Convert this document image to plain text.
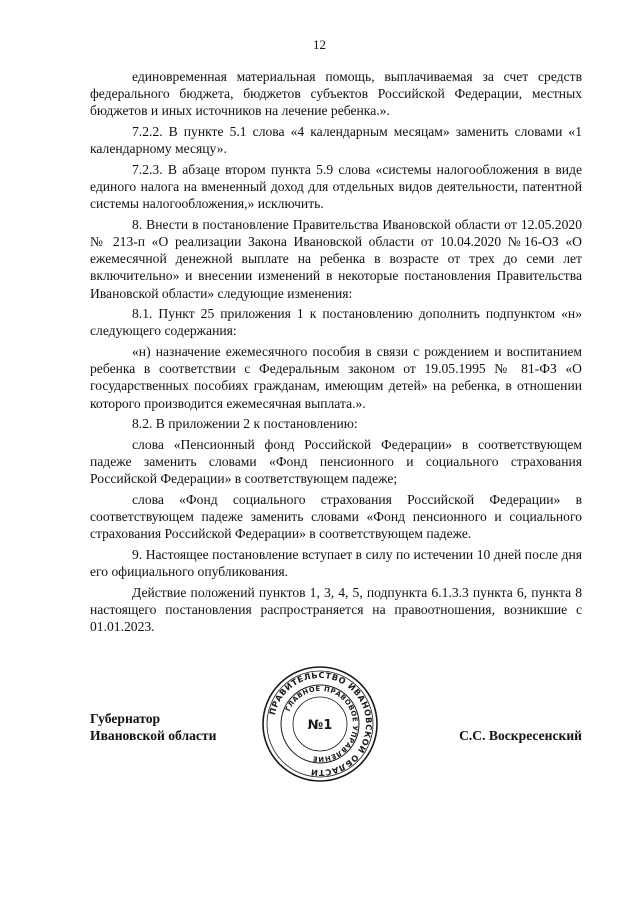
12

единовременная материальная помощь, выплачиваемая за счет средств федерального бюджета, бюджетов субъектов Российской Федерации, местных бюджетов и иных источников на лечение ребенка.».

7.2.2. В пункте 5.1 слова «4 календарным месяцам» заменить словами «1 календарному месяцу».

7.2.3. В абзаце втором пункта 5.9 слова «системы налогообложения в виде единого налога на вмененный доход для отдельных видов деятельности, патентной системы налогообложения,» исключить.

8. Внести в постановление Правительства Ивановской области от 12.05.2020 № 213-п «О реализации Закона Ивановской области от 10.04.2020 №16-ОЗ «О ежемесячной денежной выплате на ребенка в возрасте от трех до семи лет включительно» и внесении изменений в некоторые постановления Правительства Ивановской области» следующие изменения:

8.1. Пункт 25 приложения 1 к постановлению дополнить подпунктом «н» следующего содержания:

«н) назначение ежемесячного пособия в связи с рождением и воспитанием ребенка в соответствии с Федеральным законом от 19.05.1995 № 81-ФЗ «О государственных пособиях гражданам, имеющим детей» на ребенка, в отношении которого производится ежемесячная выплата.».

8.2. В приложении 2 к постановлению:

слова «Пенсионный фонд Российской Федерации» в соответствующем падеже заменить словами «Фонд пенсионного и социального страхования Российской Федерации» в соответствующем падеже;

слова «Фонд социального страхования Российской Федерации» в соответствующем падеже заменить словами «Фонд пенсионного и социального страхования Российской Федерации» в соответствующем падеже.

9. Настоящее постановление вступает в силу по истечении 10 дней после дня его официального опубликования.

Действие положений пунктов 1, 3, 4, 5, подпункта 6.1.3.3 пункта 6, пункта 8 настоящего постановления распространяется на правоотношения, возникшие с 01.01.2023.

Губернатор
Ивановской области
ПРАВИТЕЛЬСТВО ИВАНОВСКОЙ ОБЛАСТИ
ГЛАВНОЕ ПРАВОВОЕ УПРАВЛЕНИЕ
№1
С.С. Воскресенский
